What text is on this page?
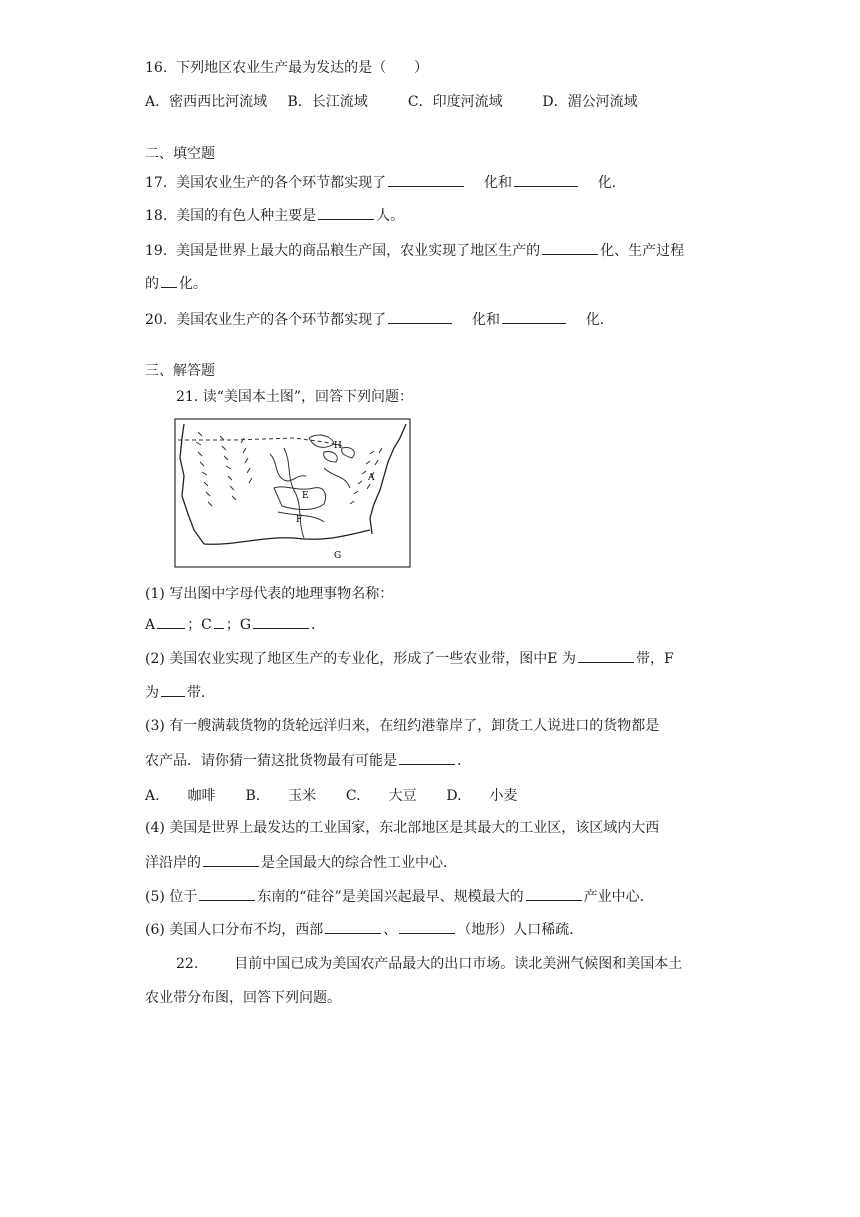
16. 下列地区农业生产最为发达的是（　　）
A．密西西比河流域 B．长江流域	C．印度河流域	D．湄公河流域
二、填空题
17. 美国农业生产的各个环节都实现了	化和	化．
18. 美国的有色人种主要是	人。
19. 美国是世界上最大的商品粮生产国，农业实现了地区生产的	化、生产过程
的 化。
20. 美国农业生产的各个环节都实现了	化和	化．
三、解答题
21. 读“美国本土图”，回答下列问题：
H
A
E
F
G
(1) 写出图中字母代表的地理事物名称：
A ；C ；G	．
(2) 美国农业实现了地区生产的专业化，形成了一些农业带，图中E 为	带，F
为 带．
(3) 有一艘满载货物的货轮远洋归来，在纽约港靠岸了，卸货工人说进口的货物都是
农产品．请你猜一猜这批货物最有可能是	．
A.　　咖啡 B.　　玉米 C.　　大豆 D.　　小麦
(4) 美国是世界上最发达的工业国家，东北部地区是其最大的工业区，该区域内大西
洋沿岸的	是全国最大的综合性工业中心．
(5) 位于	东南的“硅谷”是美国兴起最早、规模最大的	产业中心．
(6) 美国人口分布不均，西部	、	（地形）人口稀疏．
22.	目前中国已成为美国农产品最大的出口市场。读北美洲气候图和美国本土
农业带分布图，回答下列问题。
